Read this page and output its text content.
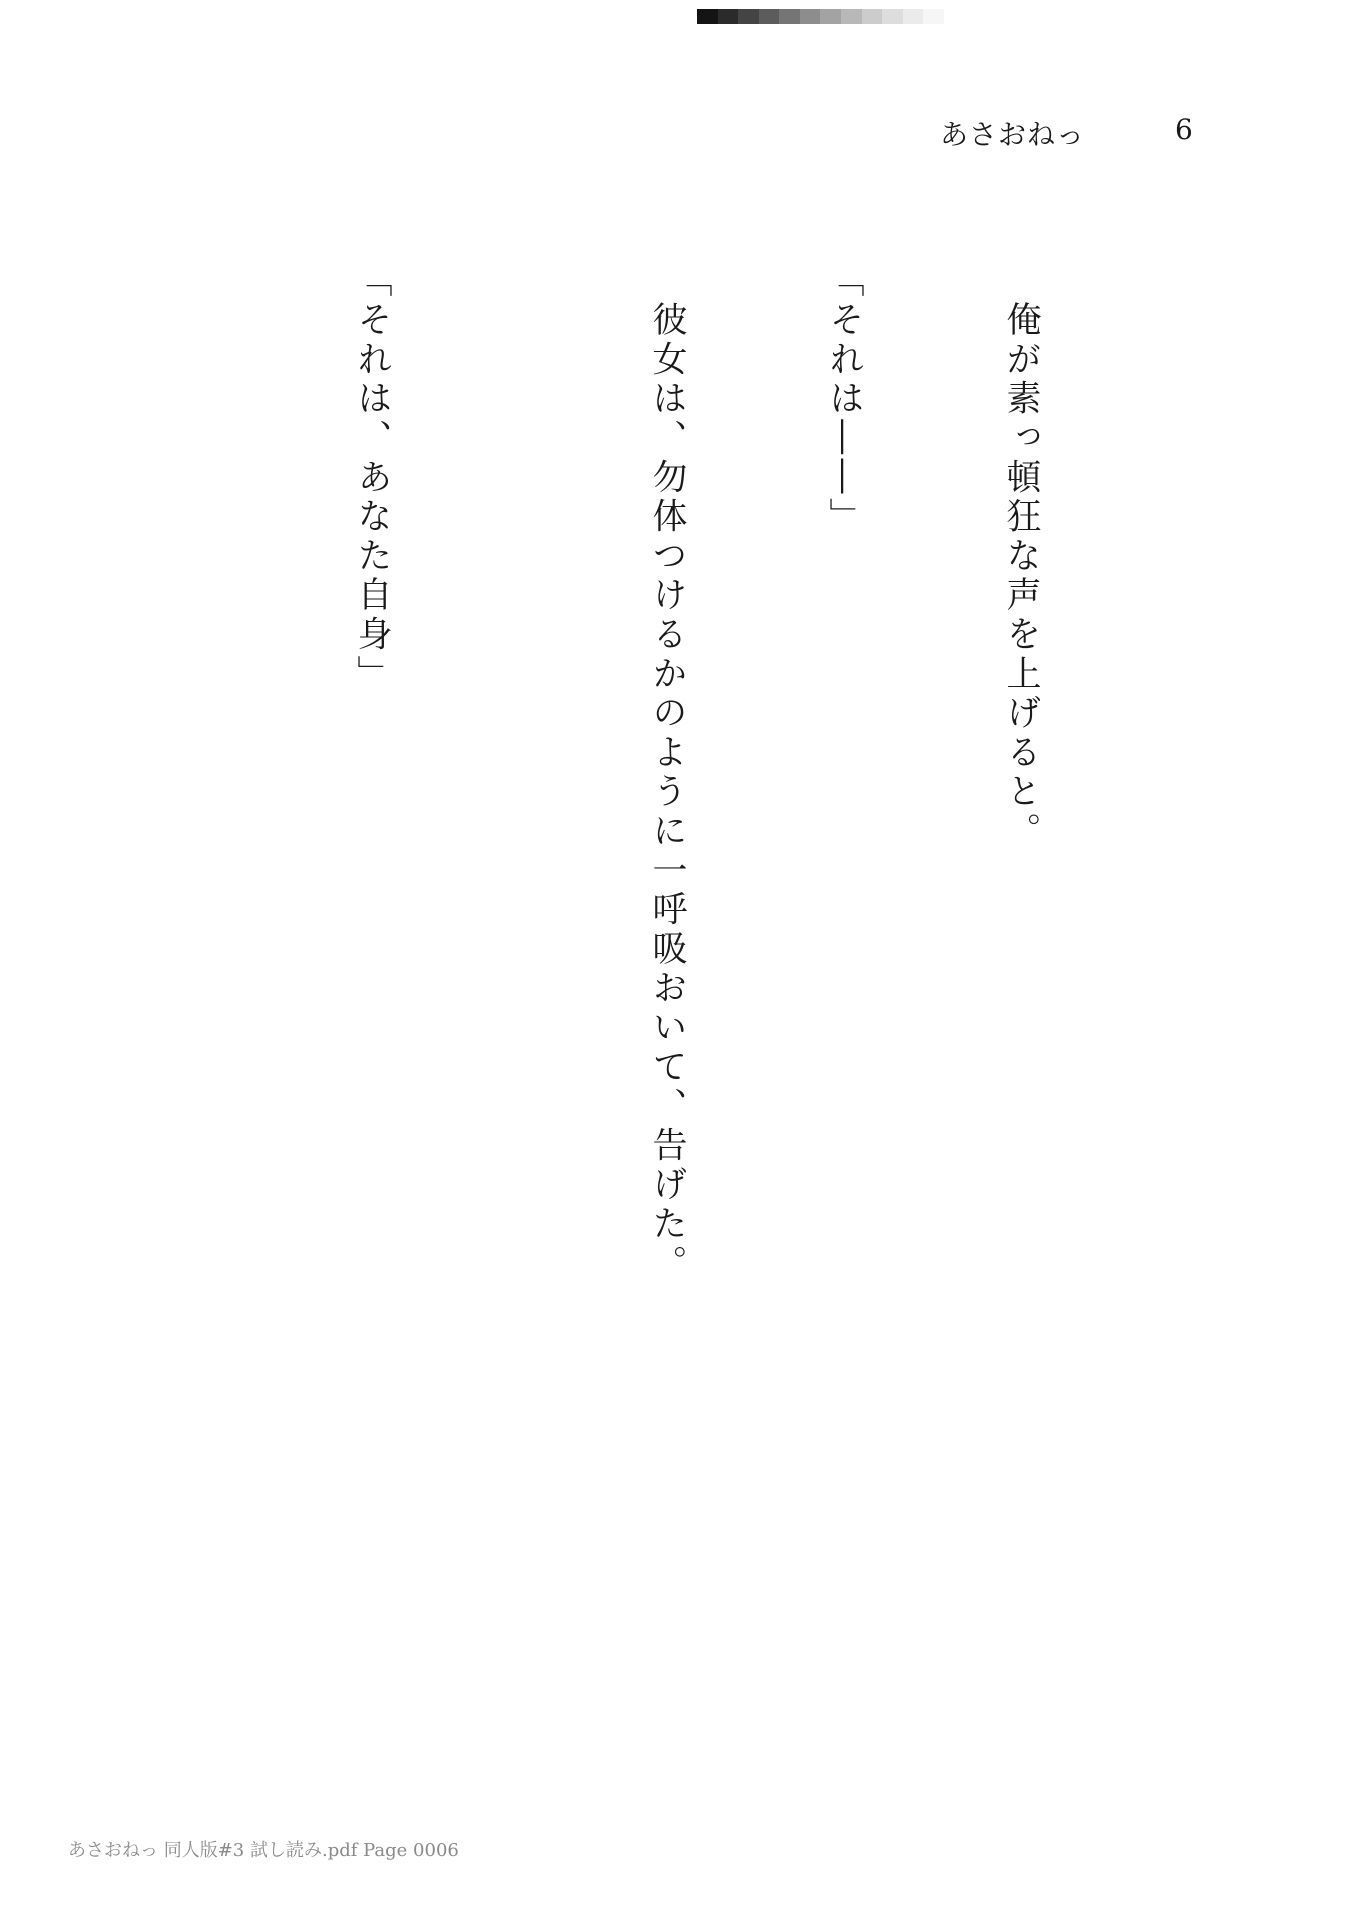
あさおねっ	6

　俺が素っ頓狂な声を上げると。

「それは――」

　彼女は、勿体つけるかのように一呼吸おいて、告げた。

「それは、あなた自身」

あさおねっ 同人版#3 試し読み.pdf Page 0006
